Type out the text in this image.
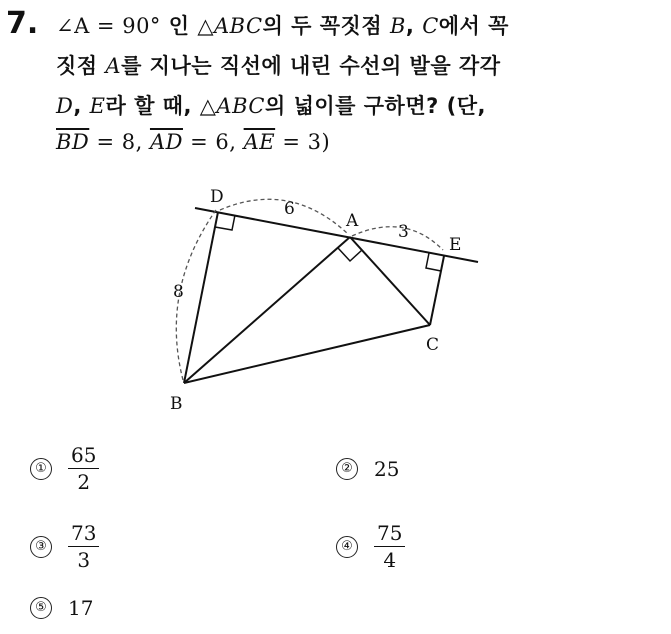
7. ∠A = 90° 인 △ABC의 두 꼭짓점 B, C에서 꼭
짓점 A를 지나는 직선에 내린 수선의 발을 각각
D, E라 할 때, △ABC의 넓이를 구하면? (단,
$\overline{BD} = 8$, $\overline{AD} = 6$, $\overline{AE} = 3$)
D
A
E
C
B
6
3
8
① $\frac{65}{2}$	② 25
③ $\frac{73}{3}$	④ $\frac{75}{4}$
⑤ 17
